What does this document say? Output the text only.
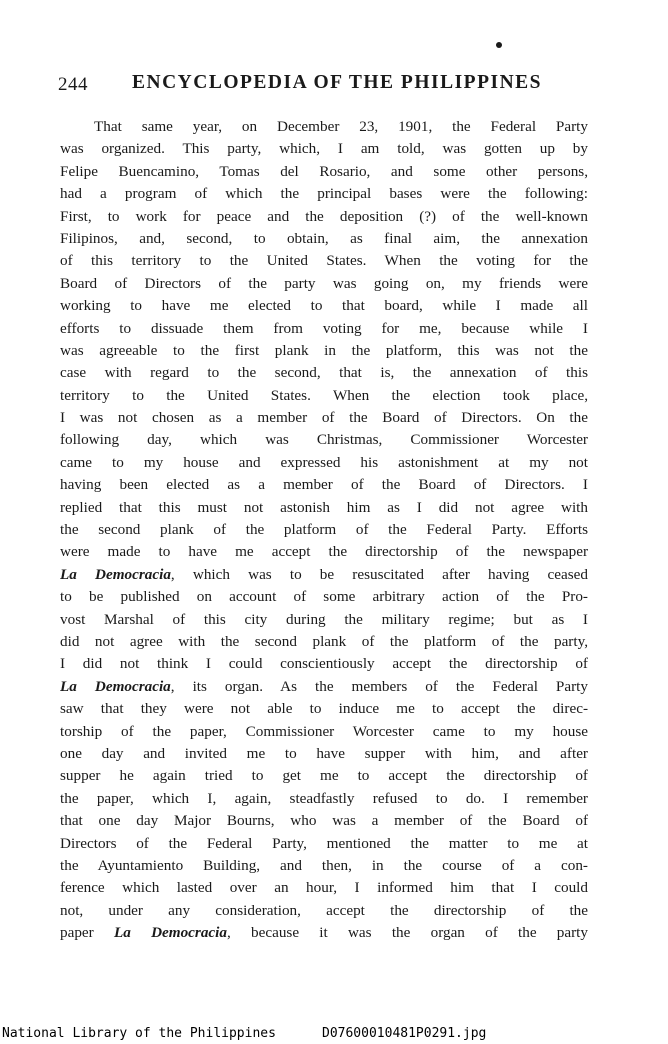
244 ENCYCLOPEDIA OF THE PHILIPPINES
That same year, on December 23, 1901, the Federal Party
was organized. This party, which, I am told, was gotten up by
Felipe Buencamino, Tomas del Rosario, and some other persons,
had a program of which the principal bases were the following:
First, to work for peace and the deposition (?) of the well-known
Filipinos, and, second, to obtain, as final aim, the annexation
of this territory to the United States. When the voting for the
Board of Directors of the party was going on, my friends were
working to have me elected to that board, while I made all
efforts to dissuade them from voting for me, because while I
was agreeable to the first plank in the platform, this was not the
case with regard to the second, that is, the annexation of this
territory to the United States. When the election took place,
I was not chosen as a member of the Board of Directors. On the
following day, which was Christmas, Commissioner Worcester
came to my house and expressed his astonishment at my not
having been elected as a member of the Board of Directors. I
replied that this must not astonish him as I did not agree with
the second plank of the platform of the Federal Party. Efforts
were made to have me accept the directorship of the newspaper
La Democracia, which was to be resuscitated after having ceased
to be published on account of some arbitrary action of the Pro-
vost Marshal of this city during the military regime; but as I
did not agree with the second plank of the platform of the party,
I did not think I could conscientiously accept the directorship of
La Democracia, its organ. As the members of the Federal Party
saw that they were not able to induce me to accept the direc-
torship of the paper, Commissioner Worcester came to my house
one day and invited me to have supper with him, and after
supper he again tried to get me to accept the directorship of
the paper, which I, again, steadfastly refused to do. I remember
that one day Major Bourns, who was a member of the Board of
Directors of the Federal Party, mentioned the matter to me at
the Ayuntamiento Building, and then, in the course of a con-
ference which lasted over an hour, I informed him that I could
not, under any consideration, accept the directorship of the
paper La Democracia, because it was the organ of the party
National Library of the Philippines	D07600010481P0291.jpg
